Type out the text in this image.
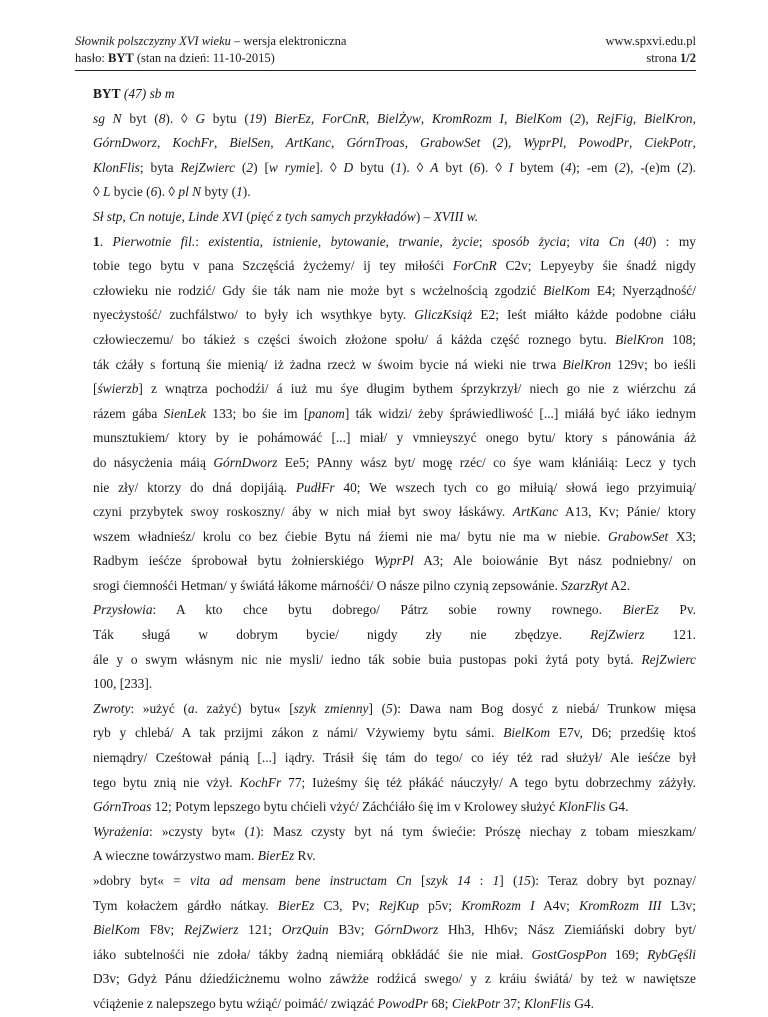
Słownik polszczyzny XVI wieku – wersja elektroniczna
hasło: BYT (stan na dzień: 11-10-2015)
www.spxvi.edu.pl
strona 1/2

BYT (47) sb m

sg N byt (8). ◊ G bytu (19) BierEz, ForCnR, BielŻyw, KromRozm I, BielKom (2), RejFig, BielKron,
GórnDworz, KochFr, BielSen, ArtKanc, GórnTroas, GrabowSet (2), WyprPl, PowodPr, CiekPotr,
KlonFlis; byta RejZwierc (2) [w rymie]. ◊ D bytu (1). ◊ A byt (6). ◊ I bytem (4); -em (2), -(e)m (2).
◊ L bycie (6). ◊ pl N byty (1).

Sł stp, Cn notuje, Linde XVI (pięć z tych samych przykładów) – XVIII w.

1. Pierwotnie fil.: existentia, istnienie, bytowanie, trwanie, życie; sposób życia; vita Cn (40) : my
tobie tego bytu v pana Szczęściá życżemy/ ij tey miłośći ForCnR C2v; Lepyeyby śie śnadź nigdy
człowieku nie rodzić/ Gdy śie ták nam nie może byt s wcżelnością zgodzić BielKom E4; Nyerządność/
nyecżystość/ zuchfálstwo/ to były ich wsythkye byty. GliczKsiąż E2; Ieśt miáłto káżde podobne ciáłu
człowieczemu/ bo tákież s części śwoich złożone społu/ á káżda część roznego bytu. BielKron 108;
ták cżáły s fortuną śie mienią/ iż żadna rzecż w śwoim bycie ná wieki nie trwa BielKron 129v; bo ieśli
[świerzb] z wnątrza pochodźi/ á iuż mu śye długim bythem śprzykrzył/ niech go nie z wiérzchu zá
rázem gába SienLek 133; bo śie im [panom] ták widzi/ żeby śpráwiedliwość [...] miáłá być iáko iednym
munsztukiem/ ktory by ie pohámowáć [...] miał/ y vmnieyszyć onego bytu/ ktory s pánowánia áż
do násycżenia máią GórnDworz Ee5; PAnny wász byt/ mogę rzéc/ co śye wam kłániáią: Lecz y tych
nie zły/ ktorzy do dná dopijáią. PudłFr 40; We wszech tych co go miłuią/ słowá iego przyimuią/
czyni przybytek swoy roskoszny/ áby w nich miał byt swoy łáskáwy. ArtKanc A13, Kv; Pánie/ ktory
wszem władnieśz/ krolu co bez ćiebie Bytu ná źiemi nie ma/ bytu nie ma w niebie. GrabowSet X3;
Radbym ieśćze śprobował bytu żołnierskiégo WyprPl A3; Ale boiowánie Byt nász podniebny/ on
srogi ćiemnośći Hetman/ y świátá łákome márnośći/ O nászе pilno czynią zepsowánie. SzarzRyt A2.

Przysłowia: A kto chce bytu dobrego/ Pátrz sobie rowny rownego. BierEz Pv.

Ták sługá w dobrym bycie/ nigdy zły nie zbędzye. RejZwierz 121.

ále y o swym włásnym nic nie mysli/ iedno ták sobie buia pustopas poki żytá poty bytá. RejZwierc
100, [233].

Zwroty: »użyć (a. zażyć) bytu« [szyk zmienny] (5): Dawa nam Bog dosyć z niebá/ Trunkow mięsa
ryb y chlebá/ A tak przijmi zákon z námi/ Vżywiemy bytu sámi. BielKom E7v, D6; przedśię ktoś
niemądry/ Cześtował pánią [...] iądry. Trásił śię tám do tego/ co iéy téż rad służył/ Ale ieśćze był
tego bytu znią nie vżył. KochFr 77; Iużeśmy śię téż płákáć náuczyły/ A tego bytu dobrzechmy záżyły.
GórnTroas 12; Potym lepszego bytu chćieli vżyć/ Záchćiáło śię im v Krolowey służyć KlonFlis G4.

Wyrażenia: »czysty byt« (1): Masz czysty byt ná tym świećie: Prószę niechay z tobam mieszkam/
A wieczne towárzystwo mam. BierEz Rv.

»dobry byt« = vita ad mensam bene instructam Cn [szyk 14 : 1] (15): Teraz dobry byt poznay/
Tym kołacżem gárdło nátkay. BierEz C3, Pv; RejKup p5v; KromRozm I A4v; KromRozm III L3v;
BielKom F8v; RejZwierz 121; OrzQuin B3v; GórnDworz Hh3, Hh6v; Nász Ziemiáński dobry byt/
iáko subtelnośći nie zdoła/ tákby żadną niemiárą obkłádáć śie nie miał. GostGospPon 169; RybGęśli
D3v; Gdyż Pánu dźiedźicżnemu wolno záwżże rodźicá swego/ y z kráiu świátá/ by też w nawiętsze
vćiążenie z nalepszego bytu wźiąć/ poimáć/ związáć PowodPr 68; CiekPotr 37; KlonFlis G4.
